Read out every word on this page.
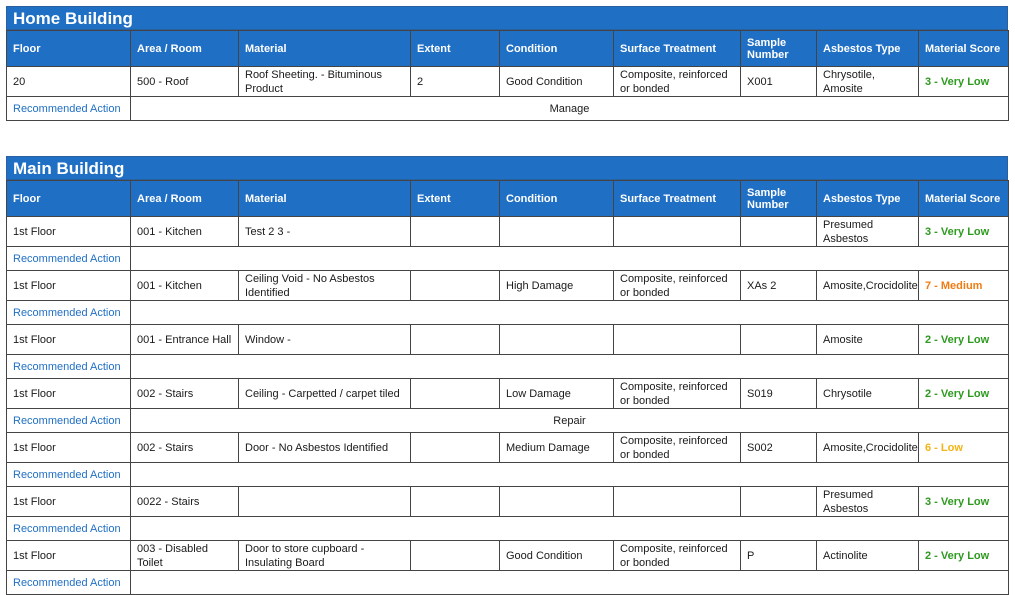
Home Building
Floor	Area / Room	Material	Extent	Condition	Surface Treatment	Sample Number	Asbestos Type	Material Score
20	500 - Roof	Roof Sheeting. - Bituminous Product	2	Good Condition	Composite, reinforced or bonded	X001	Chrysotile, Amosite	3 - Very Low
Recommended Action	Manage							
Main Building
Floor	Area / Room	Material	Extent	Condition	Surface Treatment	Sample Number	Asbestos Type	Material Score
1st Floor	001 - Kitchen	Test 2 3 -					Presumed Asbestos	3 - Very Low
Recommended Action								
1st Floor	001 - Kitchen	Ceiling Void - No Asbestos Identified		High Damage	Composite, reinforced or bonded	XAs 2	Amosite,Crocidolite	7 - Medium
Recommended Action								
1st Floor	001 - Entrance Hall	Window -					Amosite	2 - Very Low
Recommended Action								
1st Floor	002 - Stairs	Ceiling - Carpetted / carpet tiled		Low Damage	Composite, reinforced or bonded	S019	Chrysotile	2 - Very Low
Recommended Action	Repair							
1st Floor	002 - Stairs	Door - No Asbestos Identified		Medium Damage	Composite, reinforced or bonded	S002	Amosite,Crocidolite	6 - Low
Recommended Action								
1st Floor	0022 - Stairs						Presumed Asbestos	3 - Very Low
Recommended Action								
1st Floor	003 - Disabled Toilet	Door to store cupboard - Insulating Board		Good Condition	Composite, reinforced or bonded	P	Actinolite	2 - Very Low
Recommended Action								
